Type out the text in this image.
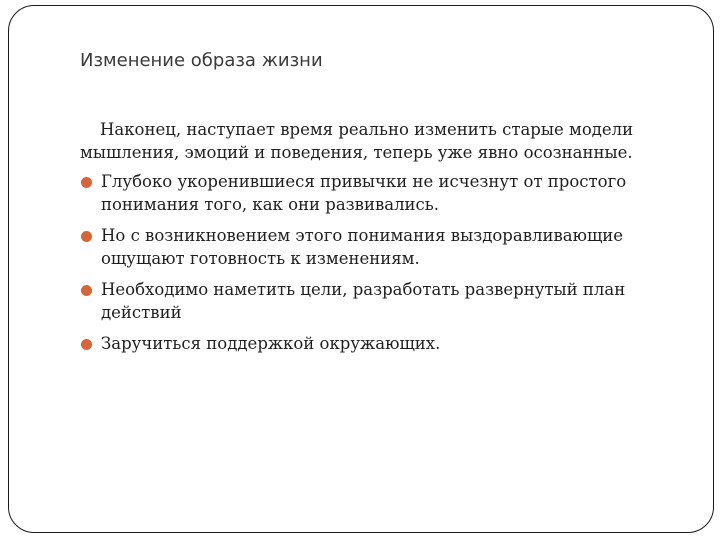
Изменение образа жизни

Наконец, наступает время реально изменить старые модели мышления, эмоций и поведения, теперь уже явно осознанные.

Глубоко укоренившиеся привычки не исчезнут от простого понимания того, как они развивались.
Но с возникновением этого понимания выздоравливающие ощущают готовность к изменениям.
Необходимо наметить цели, разработать развернутый план действий
Заручиться поддержкой окружающих.
